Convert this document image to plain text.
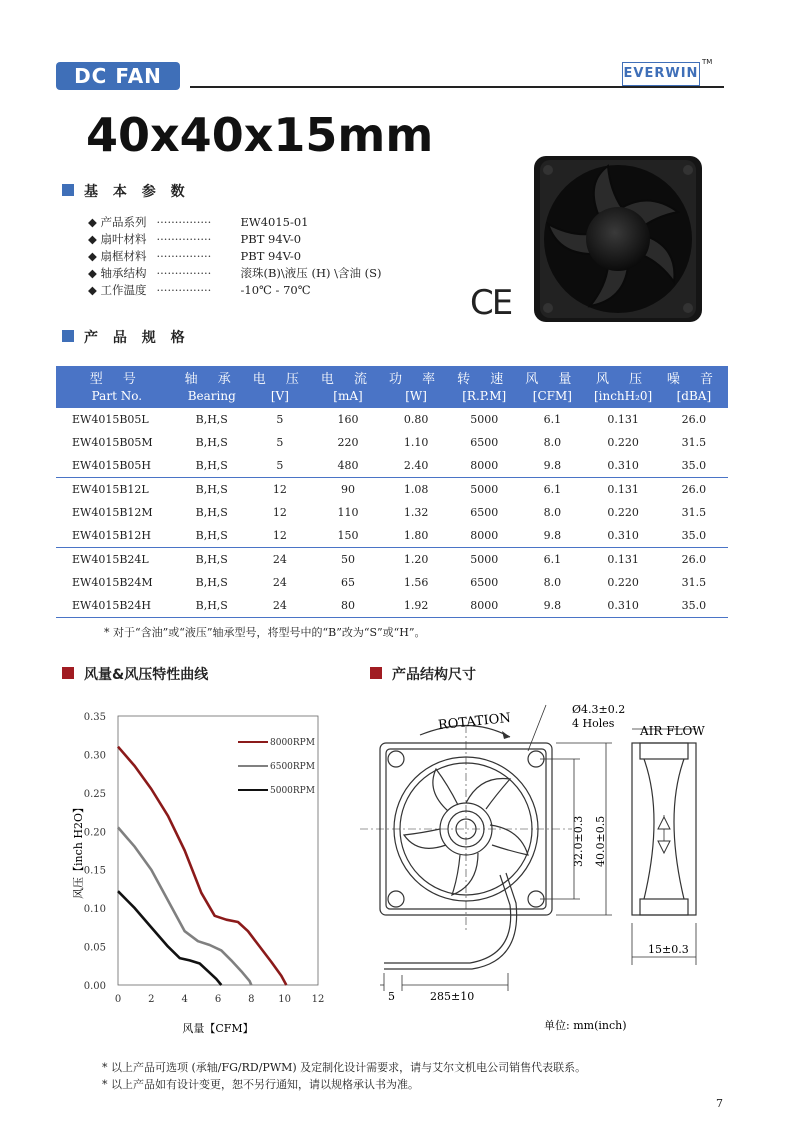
DC FAN	EVERWIN
TM
40x40x15mm
基 本 参 数
◆ 产品系列 ···············	EW4015-01
◆ 扇叶材料 ···············	PBT 94V-0
◆ 扇框材料 ···············	PBT 94V-0
◆ 轴承结构 ···············	滚珠(B)\液压 (H) \含油 (S)
◆ 工作温度 ···············	-10℃ - 70℃	CE
产 品 规 格
型 号	轴 承	电 压	电 流	功 率	转 速	风 量	风 压	噪 音
Part No.	Bearing	[V]	[mA]	[W]	[R.P.M]	[CFM]	[inchH₂0]	[dBA]
EW4015B05L	B,H,S	5	160	0.80	5000	6.1	0.131	26.0
EW4015B05M	B,H,S	5	220	1.10	6500	8.0	0.220	31.5
EW4015B05H	B,H,S	5	480	2.40	8000	9.8	0.310	35.0
EW4015B12L	B,H,S	12	90	1.08	5000	6.1	0.131	26.0
EW4015B12M	B,H,S	12	110	1.32	6500	8.0	0.220	31.5
EW4015B12H	B,H,S	12	150	1.80	8000	9.8	0.310	35.0
EW4015B24L	B,H,S	24	50	1.20	5000	6.1	0.131	26.0
EW4015B24M	B,H,S	24	65	1.56	6500	8.0	0.220	31.5
EW4015B24H	B,H,S	24	80	1.92	8000	9.8	0.310	35.0
* 对于“含油”或“液压”轴承型号，将型号中的“B”改为“S”或“H”。
风量&风压特性曲线
0.00
0.05
0.10
0.15
0.20
0.25
0.30
0.35
0	2	4	6	8 10 12
风量【CFM】
风压【inch H2O】
8000RPM
6500RPM
5000RPM
产品结构尺寸
ROTATION
Ø4.3±0.2
4 Holes
AIR FLOW
32.0±0.3 40.0±0.5
15±0.3
5	285±10
单位: mm(inch)
* 以上产品可选项 (承轴/FG/RD/PWM) 及定制化设计需要求，请与艾尔文机电公司销售代表联系。
* 以上产品如有设计变更，恕不另行通知，请以规格承认书为准。
7
